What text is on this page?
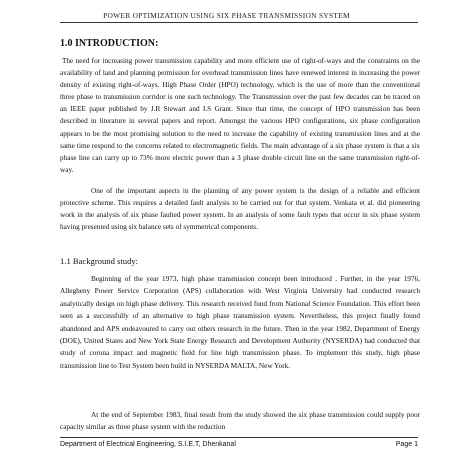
POWER OPTIMIZATION USING SIX PHASE TRANSMISSION SYSTEM
1.0 INTRODUCTION:

The need for increasing power transmission capability and more efficient use of right-of-ways and the constraints on the availability of land and planning permission for overhead transmission lines have renewed interest in increasing the power density of existing right-of-ways. High Phase Order (HPO) technology, which is the use of more than the conventional three phase to transmission corridor is one such technology. The Transmission over the past few decades can be traced on an IEEE paper published by J.R Stewart and I.S Grant. Since that time, the concept of HPO transmission has been described in literature in several papers and report. Amongst the various HPO configurations, six phase configuration appears to be the most promising solution to the need to increase the capability of existing transmission lines and at the same time respond to the concerns related to electromagnetic fields. The main advantage of a six phase system is that a six phase line can carry up to 73% more electric power than a 3 phase double circuit line on the same transmission right-of-way.

One of the important aspects in the planning of any power system is the design of a reliable and efficient protective scheme. This requires a detailed fault analysis to be carried out for that system. Venkata et al. did pioneering work in the analysis of six phase faulted power system. In an analysis of some fault types that occur in six phase system having presented using six balance sets of symmetrical components.

1.1 Background study:

Beginning of the year 1973, high phase transmission concept been introduced . Further, in the year 1976, Allegheny Power Service Corporation (APS) collaboration with West Virginia University had conducted research analytically design on high phase delivery. This research received fund from National Science Foundation. This effort been seen as a successfully of an alternative to high phase transmission system. Nevertheless, this project finally found abandoned and APS endeavoured to carry out others research in the future. Then in the year 1982, Department of Energy (DOE), United States and New York State Energy Research and Development Authority (NYSERDA) had conducted that study of corona impact and magnetic field for line high transmission phase. To implement this study, high phase transmission line to Test System been build in NYSERDA MALTA, New York.

At the end of September 1983, final result from the study showed the six phase transmission could supply poor capacity similar as three phase system with the reduction

Department of Electrical Engineering, S.I.E.T, Dhenkanal	Page 1
